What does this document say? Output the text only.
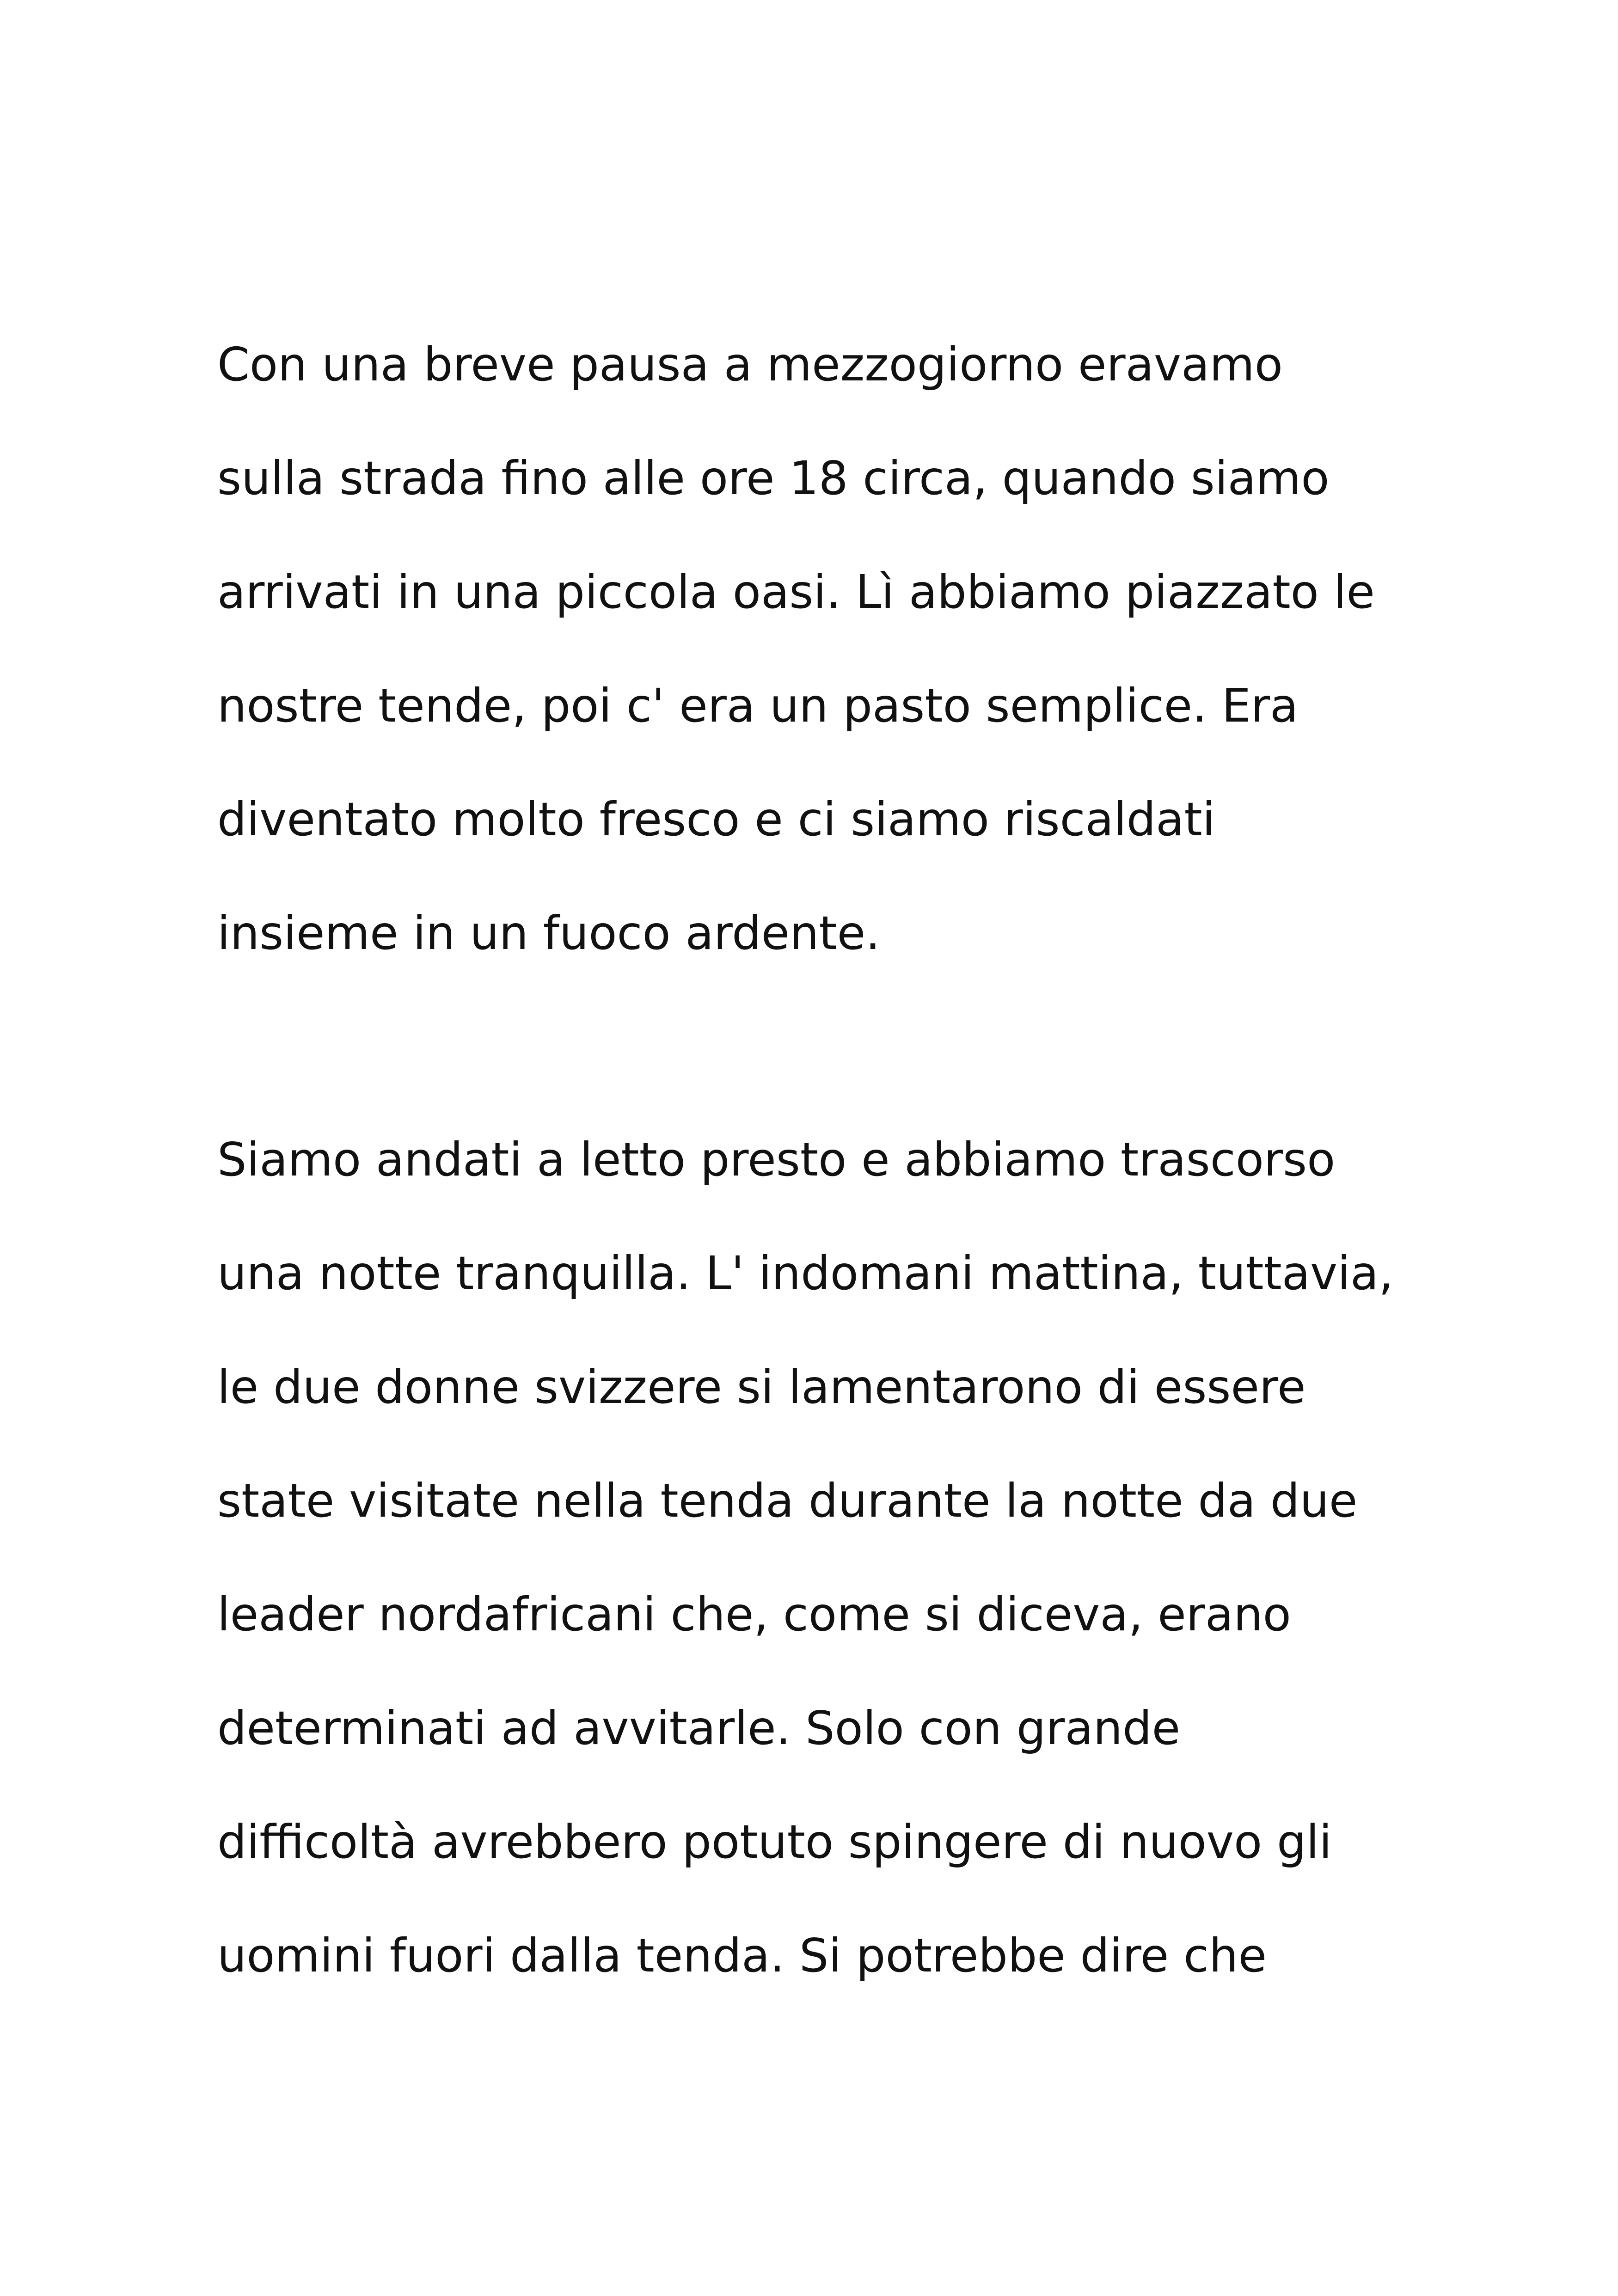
Con una breve pausa a mezzogiorno eravamo
sulla strada fino alle ore 18 circa, quando siamo
arrivati in una piccola oasi. Lì abbiamo piazzato le
nostre tende, poi c' era un pasto semplice. Era
diventato molto fresco e ci siamo riscaldati
insieme in un fuoco ardente.

Siamo andati a letto presto e abbiamo trascorso
una notte tranquilla. L' indomani mattina, tuttavia,
le due donne svizzere si lamentarono di essere
state visitate nella tenda durante la notte da due
leader nordafricani che, come si diceva, erano
determinati ad avvitarle. Solo con grande
difficoltà avrebbero potuto spingere di nuovo gli
uomini fuori dalla tenda. Si potrebbe dire che
